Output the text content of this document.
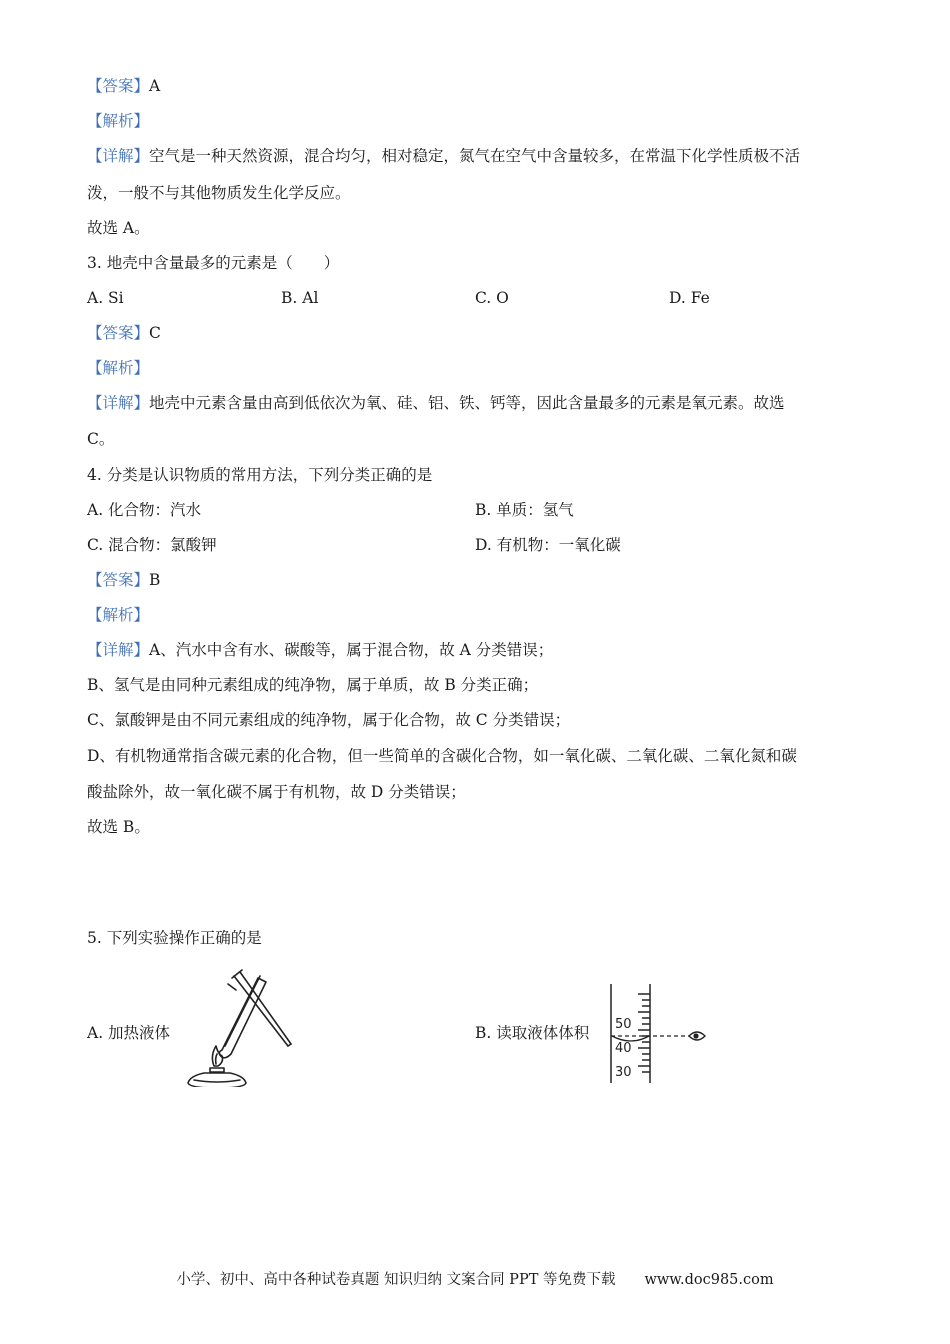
【答案】A
【解析】
【详解】空气是一种天然资源，混合均匀，相对稳定，氮气在空气中含量较多，在常温下化学性质极不活
泼，一般不与其他物质发生化学反应。
故选 A。
3. 地壳中含量最多的元素是（　　）
A. Si	B. Al	C. O	D. Fe
【答案】C
【解析】
【详解】地壳中元素含量由高到低依次为氧、硅、铝、铁、钙等，因此含量最多的元素是氧元素。故选
C。
4. 分类是认识物质的常用方法，下列分类正确的是
A. 化合物：汽水	B. 单质：氢气
C. 混合物：氯酸钾	D. 有机物：一氧化碳
【答案】B
【解析】
【详解】A、汽水中含有水、碳酸等，属于混合物，故 A 分类错误；
B、氢气是由同种元素组成的纯净物，属于单质，故 B 分类正确；
C、氯酸钾是由不同元素组成的纯净物，属于化合物，故 C 分类错误；
D、有机物通常指含碳元素的化合物，但一些简单的含碳化合物，如一氧化碳、二氧化碳、二氧化氮和碳
酸盐除外，故一氧化碳不属于有机物，故 D 分类错误；
故选 B。
5. 下列实验操作正确的是
A. 加热液体	B. 读取液体体积 50
40
30
小学、初中、高中各种试卷真题 知识归纳 文案合同 PPT 等免费下载　　www.doc985.com
